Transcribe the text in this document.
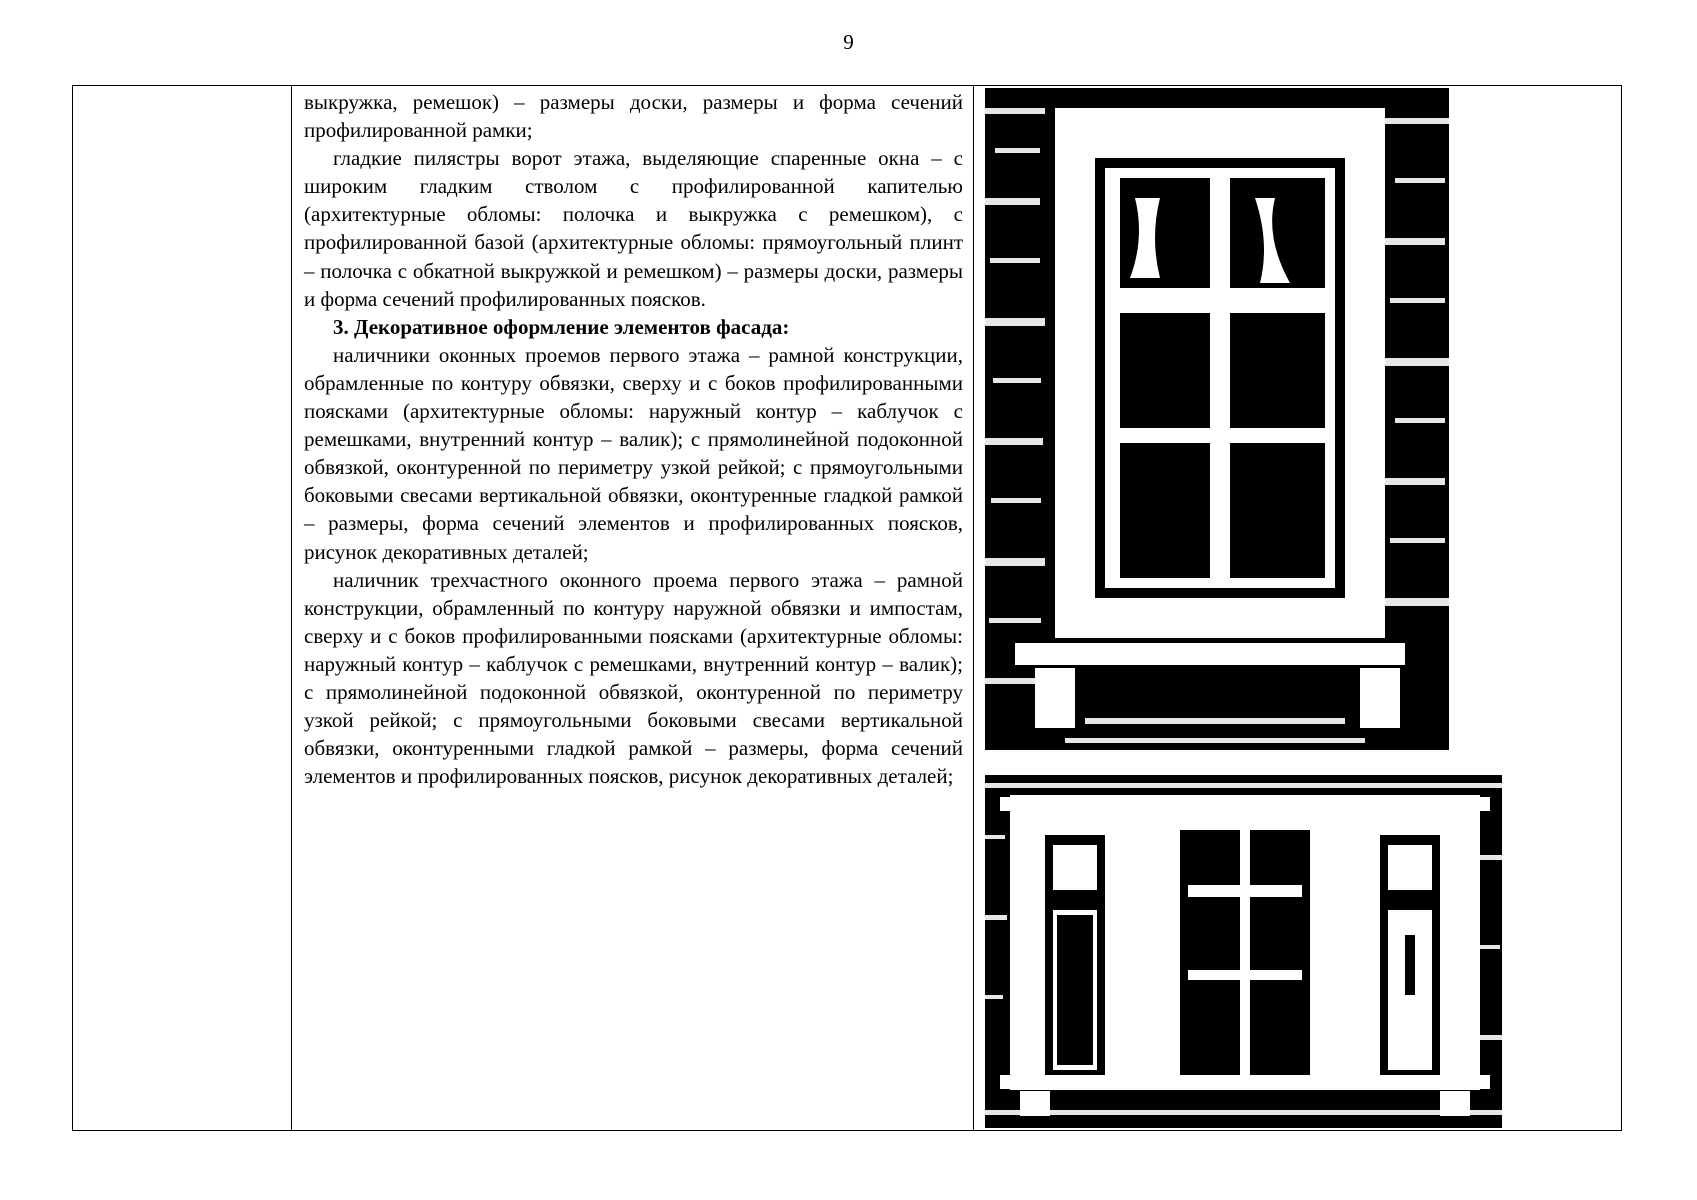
9

выкружка, ремешок) – размеры доски, размеры и форма сечений профилированной рамки;

гладкие пилястры ворот этажа, выделяющие спаренные окна – с широким гладким стволом с профилированной капителью (архитектурные обломы: полочка и выкружка с ремешком), с профилированной базой (архитектурные обломы: прямоугольный плинт – полочка с обкатной выкружкой и ремешком) – размеры доски, размеры и форма сечений профилированных поясков.

3. Декоративное оформление элементов фасада:

наличники оконных проемов первого этажа – рамной конструкции, обрамленные по контуру обвязки, сверху и с боков профилированными поясками (архитектурные обломы: наружный контур – каблучок с ремешками, внутренний контур – валик); с прямолинейной подоконной обвязкой, оконтуренной по периметру узкой рейкой; с прямоугольными боковыми свесами вертикальной обвязки, оконтуренные гладкой рамкой – размеры, форма сечений элементов и профилированных поясков, рисунок декоративных деталей;

наличник трехчастного оконного проема первого этажа – рамной конструкции, обрамленный по контуру наружной обвязки и импостам, сверху и с боков профилированными поясками (архитектурные обломы: наружный контур – каблучок с ремешками, внутренний контур – валик); с прямолинейной подоконной обвязкой, оконтуренной по периметру узкой рейкой; с прямоугольными боковыми свесами вертикальной обвязки, оконтуренными гладкой рамкой – размеры, форма сечений элементов и профилированных поясков, рисунок декоративных деталей;
